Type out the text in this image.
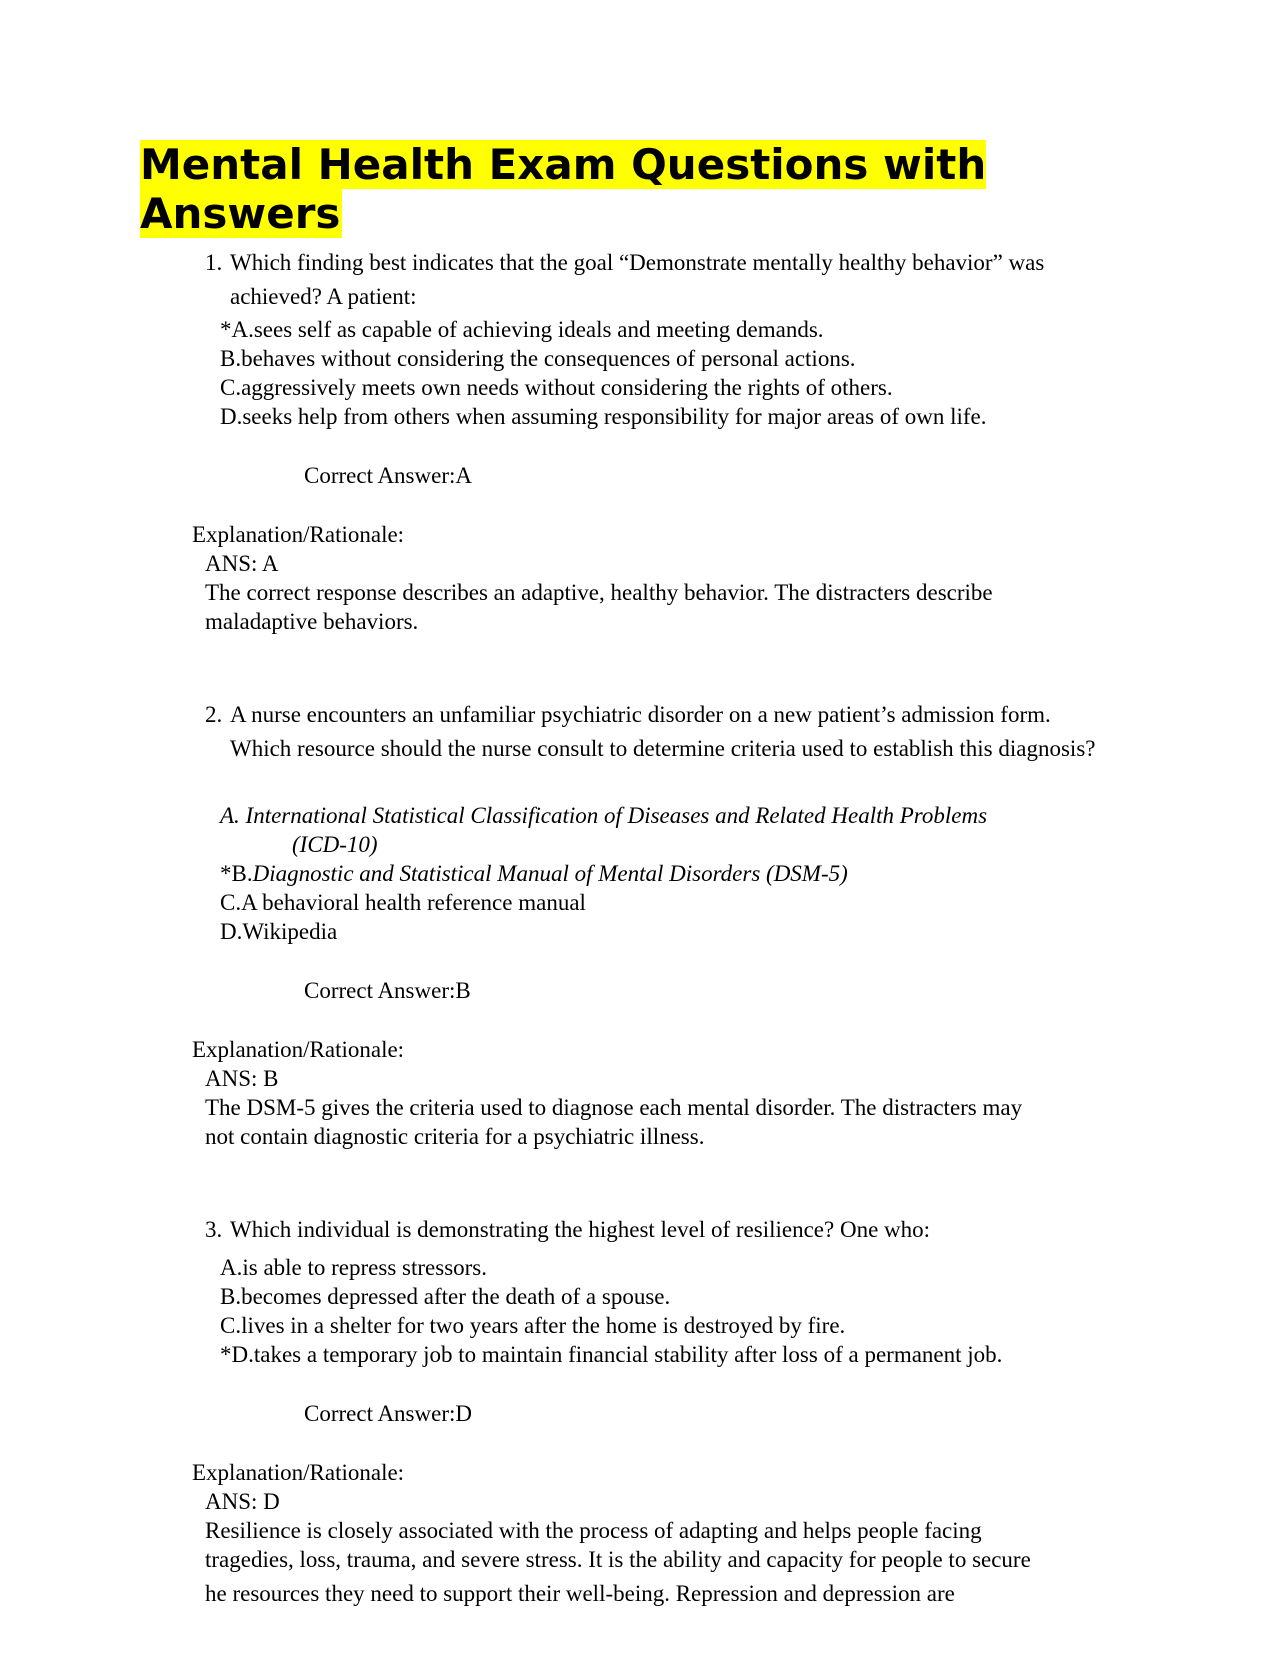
Mental Health Exam Questions with Answers
1. Which finding best indicates that the goal “Demonstrate mentally healthy behavior” was achieved? A patient:
*A.sees self as capable of achieving ideals and meeting demands.
B.behaves without considering the consequences of personal actions.
C.aggressively meets own needs without considering the rights of others.
D.seeks help from others when assuming responsibility for major areas of own life.
Correct Answer:A
Explanation/Rationale:
ANS: A
The correct response describes an adaptive, healthy behavior. The distracters describe
maladaptive behaviors.
2. A nurse encounters an unfamiliar psychiatric disorder on a new patient’s admission form. Which resource should the nurse consult to determine criteria used to establish this diagnosis?
A. International Statistical Classification of Diseases and Related Health Problems
(ICD-10)
*B.Diagnostic and Statistical Manual of Mental Disorders (DSM-5)
C.A behavioral health reference manual
D.Wikipedia
Correct Answer:B
Explanation/Rationale:
ANS: B
The DSM-5 gives the criteria used to diagnose each mental disorder. The distracters may
not contain diagnostic criteria for a psychiatric illness.
3. Which individual is demonstrating the highest level of resilience? One who:
A.is able to repress stressors.
B.becomes depressed after the death of a spouse.
C.lives in a shelter for two years after the home is destroyed by fire.
*D.takes a temporary job to maintain financial stability after loss of a permanent job.
Correct Answer:D
Explanation/Rationale:
ANS: D
Resilience is closely associated with the process of adapting and helps people facing
tragedies, loss, trauma, and severe stress. It is the ability and capacity for people to secure
he resources they need to support their well-being. Repression and depression are
